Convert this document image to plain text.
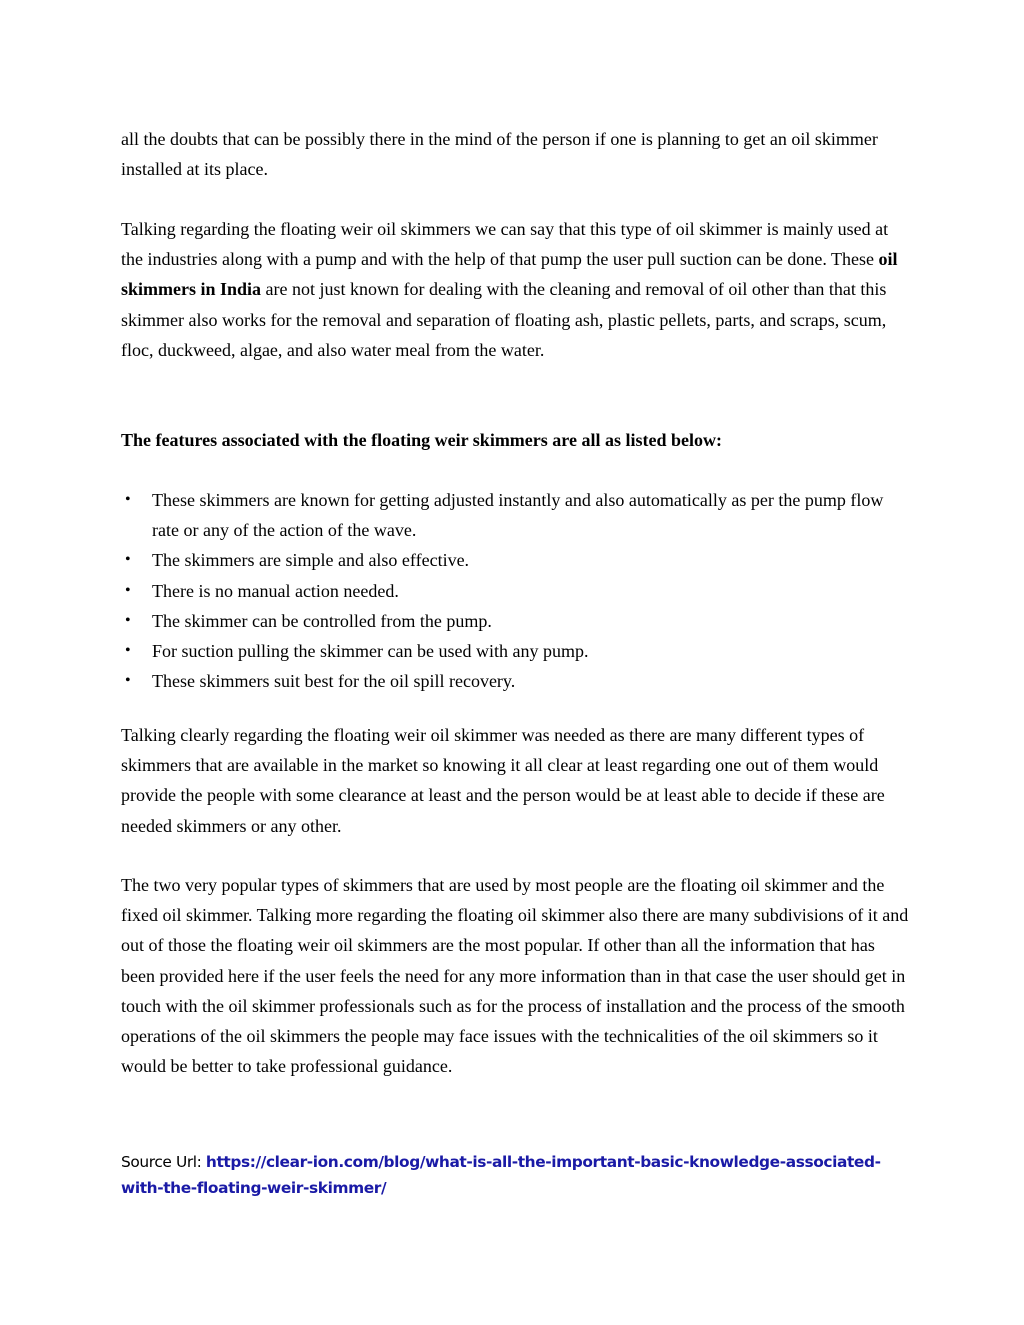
all the doubts that can be possibly there in the mind of the person if one is planning to get an oil skimmer installed at its place.

Talking regarding the floating weir oil skimmers we can say that this type of oil skimmer is mainly used at the industries along with a pump and with the help of that pump the user pull suction can be done. These oil skimmers in India are not just known for dealing with the cleaning and removal of oil other than that this skimmer also works for the removal and separation of floating ash, plastic pellets, parts, and scraps, scum, floc, duckweed, algae, and also water meal from the water.

The features associated with the floating weir skimmers are all as listed below:

• These skimmers are known for getting adjusted instantly and also automatically as per the pump flow rate or any of the action of the wave.
• The skimmers are simple and also effective.
• There is no manual action needed.
• The skimmer can be controlled from the pump.
• For suction pulling the skimmer can be used with any pump.
• These skimmers suit best for the oil spill recovery.

Talking clearly regarding the floating weir oil skimmer was needed as there are many different types of skimmers that are available in the market so knowing it all clear at least regarding one out of them would provide the people with some clearance at least and the person would be at least able to decide if these are needed skimmers or any other.

The two very popular types of skimmers that are used by most people are the floating oil skimmer and the fixed oil skimmer. Talking more regarding the floating oil skimmer also there are many subdivisions of it and out of those the floating weir oil skimmers are the most popular. If other than all the information that has been provided here if the user feels the need for any more information than in that case the user should get in touch with the oil skimmer professionals such as for the process of installation and the process of the smooth operations of the oil skimmers the people may face issues with the technicalities of the oil skimmers so it would be better to take professional guidance.

Source Url: https://clear-ion.com/blog/what-is-all-the-important-basic-knowledge-associated-with-the-floating-weir-skimmer/
